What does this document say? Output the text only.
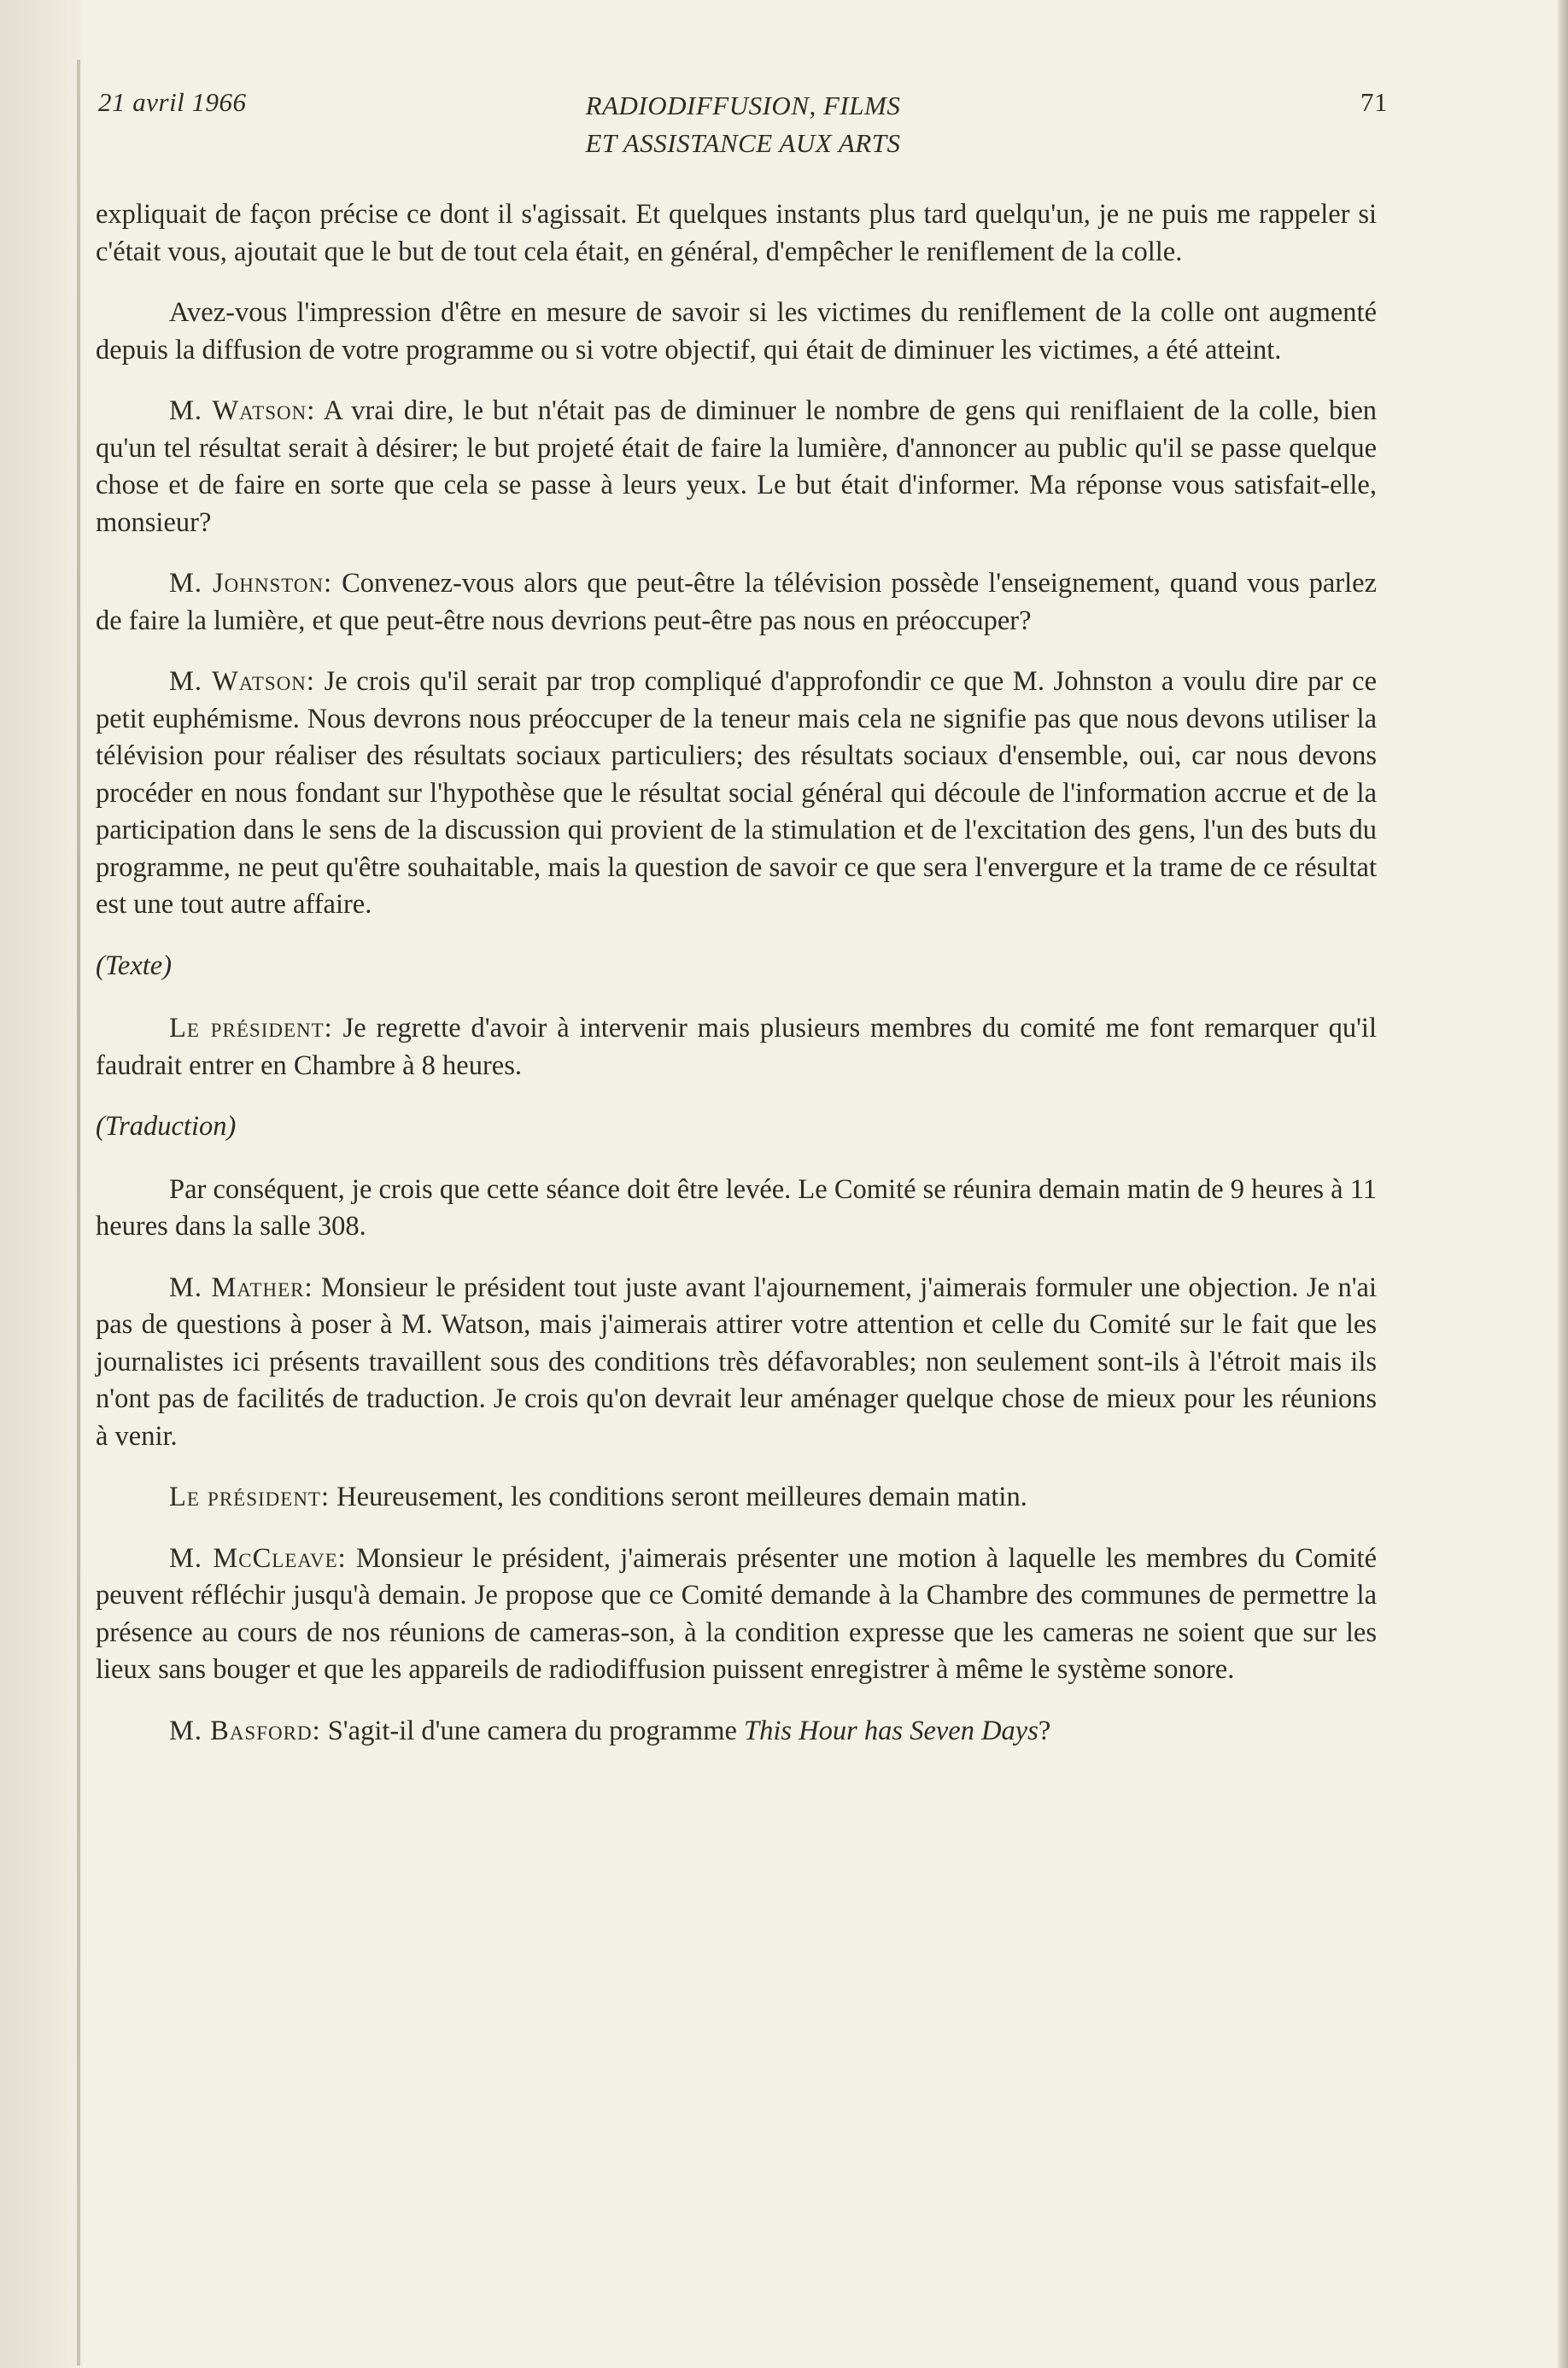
21 avril 1966	RADIODIFFUSION, FILMS
ET ASSISTANCE AUX ARTS
71

expliquait de façon précise ce dont il s'agissait. Et quelques instants plus tard quelqu'un, je ne puis me rappeler si c'était vous, ajoutait que le but de tout cela était, en général, d'empêcher le reniflement de la colle.

Avez-vous l'impression d'être en mesure de savoir si les victimes du reniflement de la colle ont augmenté depuis la diffusion de votre programme ou si votre objectif, qui était de diminuer les victimes, a été atteint.

M. Watson: A vrai dire, le but n'était pas de diminuer le nombre de gens qui reniflaient de la colle, bien qu'un tel résultat serait à désirer; le but projeté était de faire la lumière, d'annoncer au public qu'il se passe quelque chose et de faire en sorte que cela se passe à leurs yeux. Le but était d'informer. Ma réponse vous satisfait-elle, monsieur?

M. Johnston: Convenez-vous alors que peut-être la télévision possède l'enseignement, quand vous parlez de faire la lumière, et que peut-être nous devrions peut-être pas nous en préoccuper?

M. Watson: Je crois qu'il serait par trop compliqué d'approfondir ce que M. Johnston a voulu dire par ce petit euphémisme. Nous devrons nous préoccuper de la teneur mais cela ne signifie pas que nous devons utiliser la télévision pour réaliser des résultats sociaux particuliers; des résultats sociaux d'ensemble, oui, car nous devons procéder en nous fondant sur l'hypothèse que le résultat social général qui découle de l'information accrue et de la participation dans le sens de la discussion qui provient de la stimulation et de l'excitation des gens, l'un des buts du programme, ne peut qu'être souhaitable, mais la question de savoir ce que sera l'envergure et la trame de ce résultat est une tout autre affaire.

(Texte)

Le président: Je regrette d'avoir à intervenir mais plusieurs membres du comité me font remarquer qu'il faudrait entrer en Chambre à 8 heures.

(Traduction)

Par conséquent, je crois que cette séance doit être levée. Le Comité se réunira demain matin de 9 heures à 11 heures dans la salle 308.

M. Mather: Monsieur le président tout juste avant l'ajournement, j'aimerais formuler une objection. Je n'ai pas de questions à poser à M. Watson, mais j'aimerais attirer votre attention et celle du Comité sur le fait que les journalistes ici présents travaillent sous des conditions très défavorables; non seulement sont-ils à l'étroit mais ils n'ont pas de facilités de traduction. Je crois qu'on devrait leur aménager quelque chose de mieux pour les réunions à venir.

Le président: Heureusement, les conditions seront meilleures demain matin.

M. McCleave: Monsieur le président, j'aimerais présenter une motion à laquelle les membres du Comité peuvent réfléchir jusqu'à demain. Je propose que ce Comité demande à la Chambre des communes de permettre la présence au cours de nos réunions de cameras-son, à la condition expresse que les cameras ne soient que sur les lieux sans bouger et que les appareils de radiodiffusion puissent enregistrer à même le système sonore.

M. Basford: S'agit-il d'une camera du programme This Hour has Seven Days?
